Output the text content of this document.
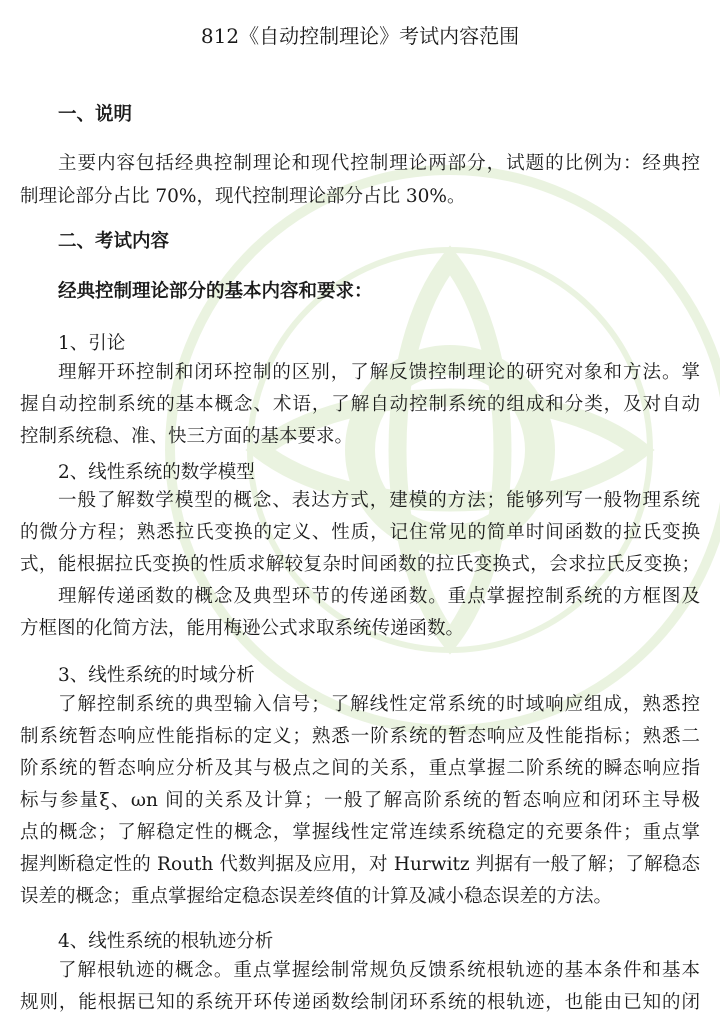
812《自动控制理论》考试内容范围
一、说明
主要内容包括经典控制理论和现代控制理论两部分，试题的比例为：经典控
制理论部分占比 70%，现代控制理论部分占比 30%。
二、考试内容
经典控制理论部分的基本内容和要求：
1、引论
理解开环控制和闭环控制的区别，了解反馈控制理论的研究对象和方法。掌
握自动控制系统的基本概念、术语，了解自动控制系统的组成和分类，及对自动
控制系统稳、准、快三方面的基本要求。
2、线性系统的数学模型
一般了解数学模型的概念、表达方式，建模的方法；能够列写一般物理系统
的微分方程；熟悉拉氏变换的定义、性质，记住常见的简单时间函数的拉氏变换
式，能根据拉氏变换的性质求解较复杂时间函数的拉氏变换式，会求拉氏反变换；
理解传递函数的概念及典型环节的传递函数。重点掌握控制系统的方框图及
方框图的化简方法，能用梅逊公式求取系统传递函数。
3、线性系统的时域分析
了解控制系统的典型输入信号；了解线性定常系统的时域响应组成，熟悉控
制系统暂态响应性能指标的定义；熟悉一阶系统的暂态响应及性能指标；熟悉二
阶系统的暂态响应分析及其与极点之间的关系，重点掌握二阶系统的瞬态响应指
标与参量ξ、ωn 间的关系及计算；一般了解高阶系统的暂态响应和闭环主导极
点的概念；了解稳定性的概念，掌握线性定常连续系统稳定的充要条件；重点掌
握判断稳定性的 Routh 代数判据及应用，对 Hurwitz 判据有一般了解；了解稳态
误差的概念；重点掌握给定稳态误差终值的计算及减小稳态误差的方法。
4、线性系统的根轨迹分析
了解根轨迹的概念。重点掌握绘制常规负反馈系统根轨迹的基本条件和基本
规则，能根据已知的系统开环传递函数绘制闭环系统的根轨迹，也能由已知的闭
